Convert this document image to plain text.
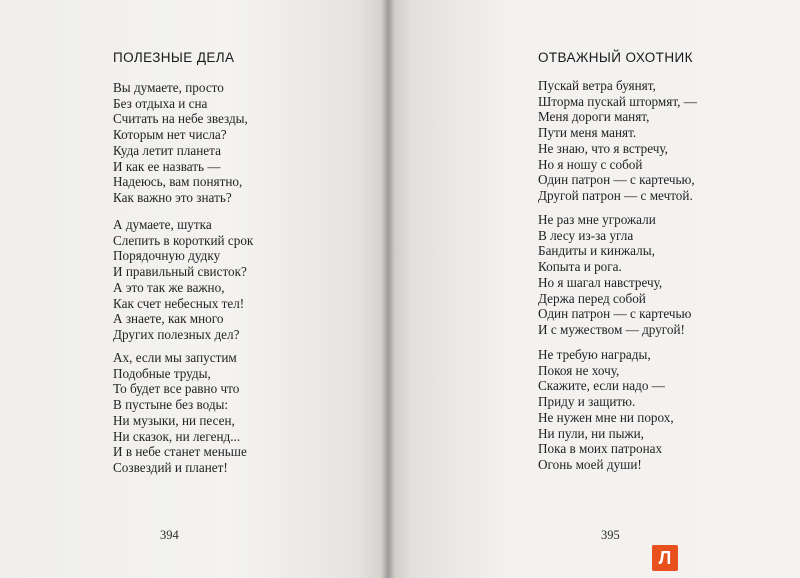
ПОЛЕЗНЫЕ ДЕЛА
Вы думаете, просто
Без отдыха и сна
Считать на небе звезды,
Которым нет числа?
Куда летит планета
И как ее назвать —
Надеюсь, вам понятно,
Как важно это знать?
А думаете, шутка
Слепить в короткий срок
Порядочную дудку
И правильный свисток?
А это так же важно,
Как счет небесных тел!
А знаете, как много
Других полезных дел?
Ах, если мы запустим
Подобные труды,
То будет все равно что
В пустыне без воды:
Ни музыки, ни песен,
Ни сказок, ни легенд...
И в небе станет меньше
Созвездий и планет!
394
ОТВАЖНЫЙ ОХОТНИК
Пускай ветра буянят,
Шторма пускай штормят, —
Меня дороги манят,
Пути меня манят.
Не знаю, что я встречу,
Но я ношу с собой
Один патрон — с картечью,
Другой патрон — с мечтой.
Не раз мне угрожали
В лесу из-за угла
Бандиты и кинжалы,
Копыта и рога.
Но я шагал навстречу,
Держа перед собой
Один патрон — с картечью
И с мужеством — другой!
Не требую награды,
Покоя не хочу,
Скажите, если надо —
Приду и защитю.
Не нужен мне ни порох,
Ни пули, ни пыжи,
Пока в моих патронах
Огонь моей души!
395
Л
